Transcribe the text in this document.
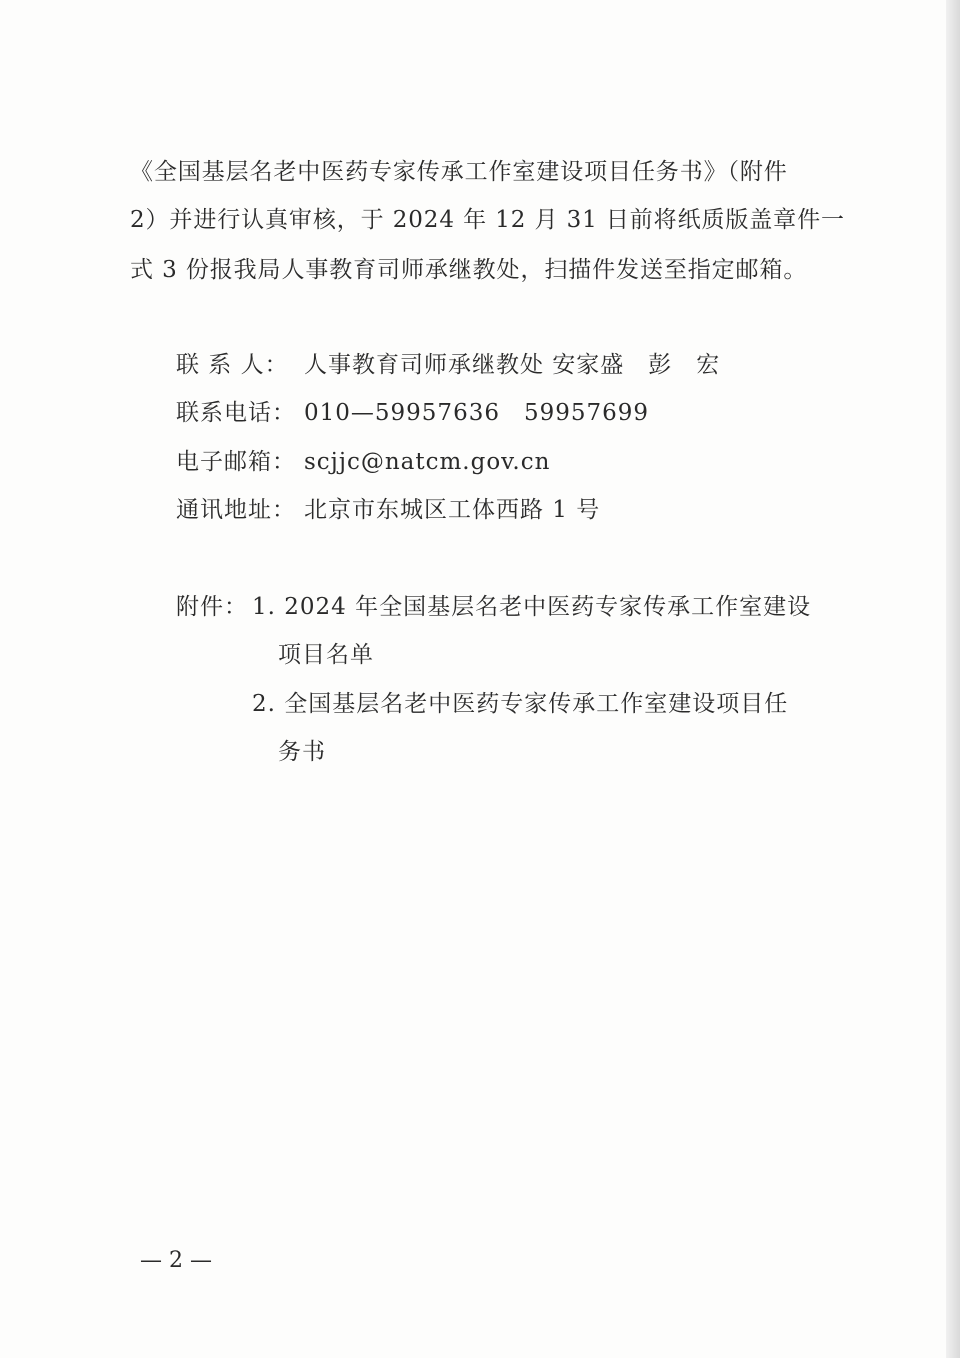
《全国基层名老中医药专家传承工作室建设项目任务书》（附件
2）并进行认真审核，于 2024 年 12 月 31 日前将纸质版盖章件一
式 3 份报我局人事教育司师承继教处，扫描件发送至指定邮箱。
联 系 人： 人事教育司师承继教处 安家盛　彭　宏
联系电话： 010—59957636　59957699
电子邮箱： scjjc@natcm.gov.cn
通讯地址： 北京市东城区工体西路 1 号
附件： 1. 2024 年全国基层名老中医药专家传承工作室建设
项目名单
2. 全国基层名老中医药专家传承工作室建设项目任
务书
— 2 —
